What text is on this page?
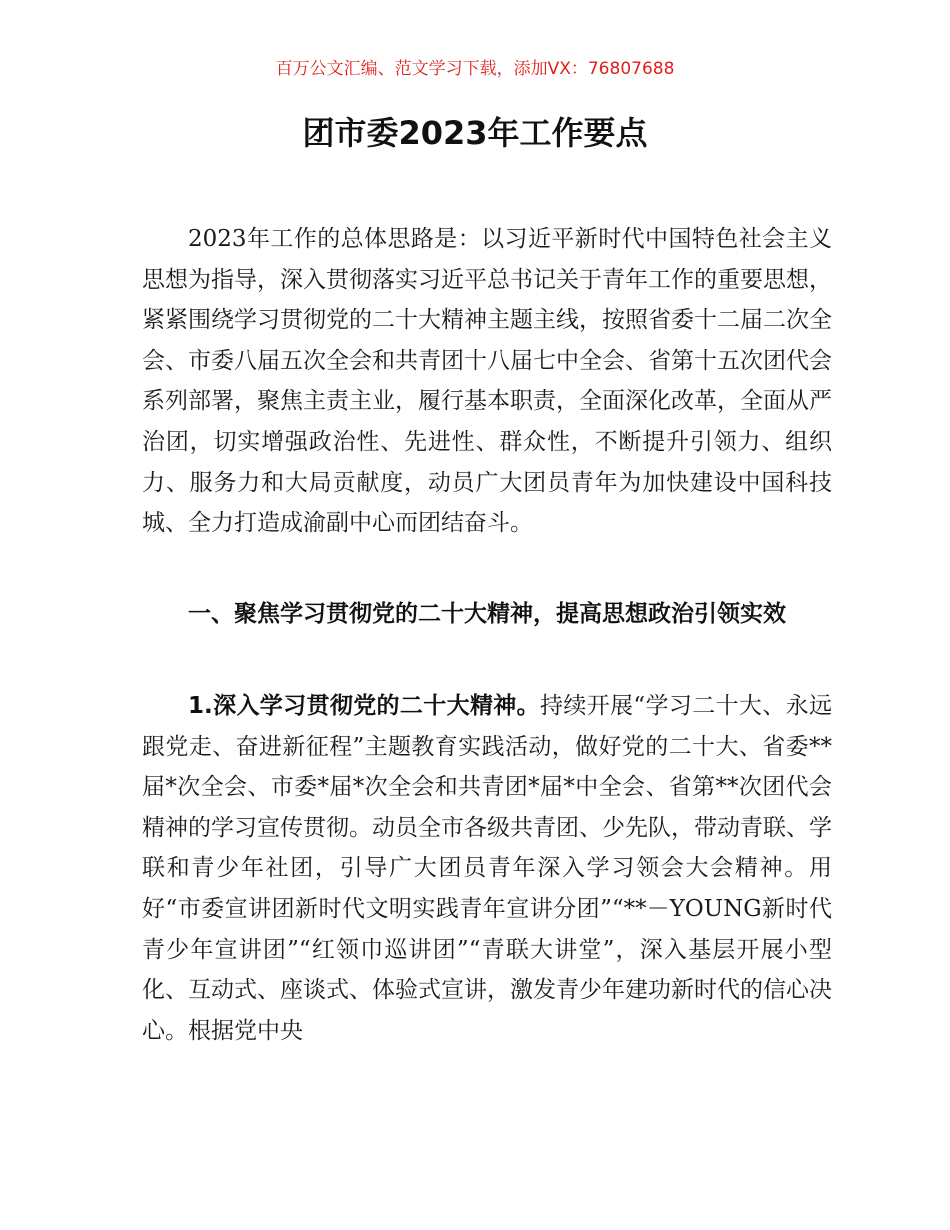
百万公文汇编、范文学习下载，添加VX：76807688
团市委2023年工作要点

2023年工作的总体思路是：以习近平新时代中国特色社会主义思想为指导，深入贯彻落实习近平总书记关于青年工作的重要思想，紧紧围绕学习贯彻党的二十大精神主题主线，按照省委十二届二次全会、市委八届五次全会和共青团十八届七中全会、省第十五次团代会系列部署，聚焦主责主业，履行基本职责，全面深化改革，全面从严治团，切实增强政治性、先进性、群众性，不断提升引领力、组织力、服务力和大局贡献度，动员广大团员青年为加快建设中国科技城、全力打造成渝副中心而团结奋斗。

一、聚焦学习贯彻党的二十大精神，提高思想政治引领实效

1.深入学习贯彻党的二十大精神。持续开展“学习二十大、永远跟党走、奋进新征程”主题教育实践活动，做好党的二十大、省委**届*次全会、市委*届*次全会和共青团*届*中全会、省第**次团代会精神的学习宣传贯彻。动员全市各级共青团、少先队，带动青联、学联和青少年社团，引导广大团员青年深入学习领会大会精神。用好“市委宣讲团新时代文明实践青年宣讲分团”“**－YOUNG新时代青少年宣讲团”“红领巾巡讲团”“青联大讲堂”，深入基层开展小型化、互动式、座谈式、体验式宣讲，激发青少年建功新时代的信心决心。根据党中央
